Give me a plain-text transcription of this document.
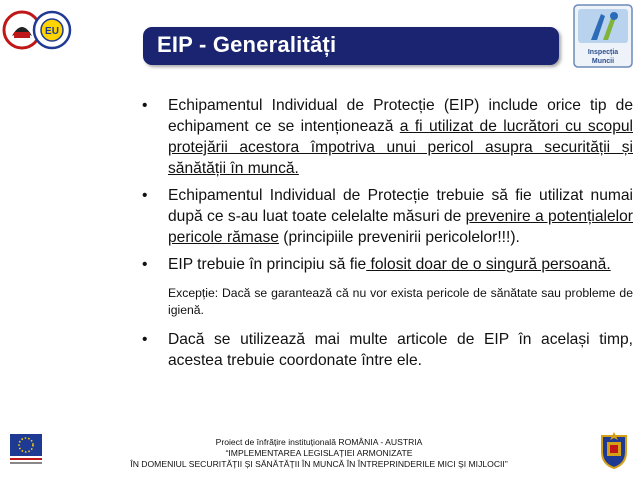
EU
EIP - Generalități	Inspecția
Muncii
• Echipamentul Individual de Protecție (EIP) include orice tip de echipament ce se intenționează a fi utilizat de lucrători cu scopul protejării acestora împotriva unui pericol asupra securității și sănătății în muncă.
• Echipamentul Individual de Protecție trebuie să fie utilizat numai după ce s-au luat toate celelalte măsuri de prevenire a potențialelor pericole rămase (principiile prevenirii pericolelor!!!).
• EIP trebuie în principiu să fie folosit doar de o singură persoană.
Excepție: Dacă se garantează că nu vor exista pericole de sănătate sau probleme de igienă.
• Dacă se utilizează mai multe articole de EIP în același timp, acestea trebuie coordonate între ele.
Proiect de înfrățire instituțională ROMÂNIA - AUSTRIA
“IMPLEMENTAREA LEGISLAȚIEI ARMONIZATE
ÎN DOMENIUL SECURITĂȚII ȘI SĂNĂTĂȚII ÎN MUNCĂ ÎN ÎNTREPRINDERILE MICI ȘI MIJLOCII”
